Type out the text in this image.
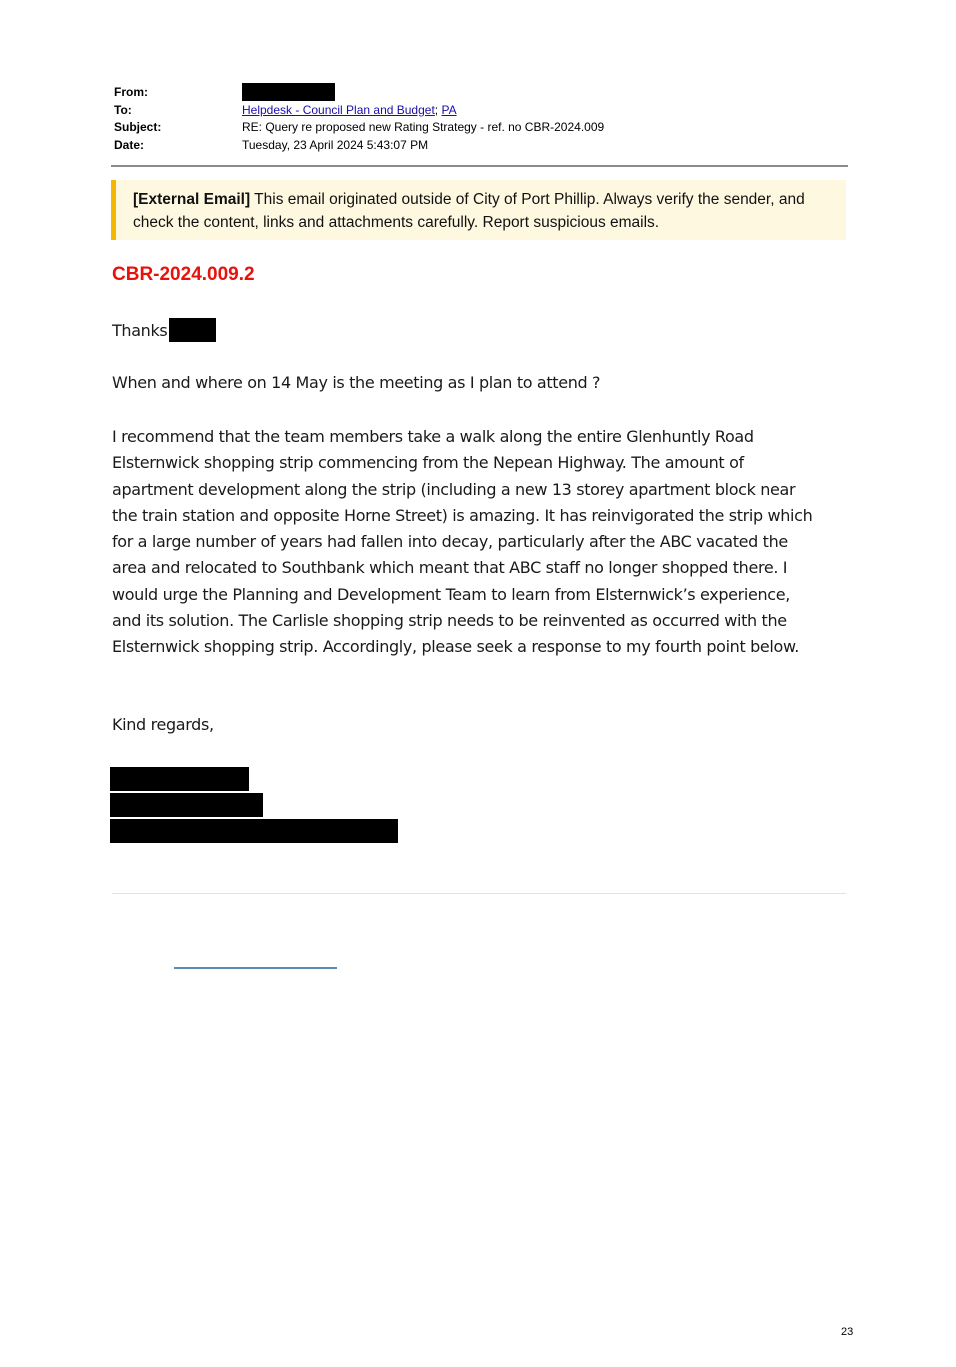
From:
To:	Helpdesk - Council Plan and Budget; PA
Subject:	RE: Query re proposed new Rating Strategy - ref. no CBR-2024.009
Date:	Tuesday, 23 April 2024 5:43:07 PM
[External Email] This email originated outside of City of Port Phillip. Always verify the sender, and check the content, links and attachments carefully. Report suspicious emails.
CBR-2024.009.2
Thanks
When and where on 14 May is the meeting as I plan to attend ?
I recommend that the team members take a walk along the entire Glenhuntly Road
Elsternwick shopping strip commencing from the Nepean Highway. The amount of
apartment development along the strip (including a new 13 storey apartment block near
the train station and opposite Horne Street) is amazing. It has reinvigorated the strip which
for a large number of years had fallen into decay, particularly after the ABC vacated the
area and relocated to Southbank which meant that ABC staff no longer shopped there. I
would urge the Planning and Development Team to learn from Elsternwick’s experience,
and its solution. The Carlisle shopping strip needs to be reinvented as occurred with the
Elsternwick shopping strip. Accordingly, please seek a response to my fourth point below.
Kind regards,
23
